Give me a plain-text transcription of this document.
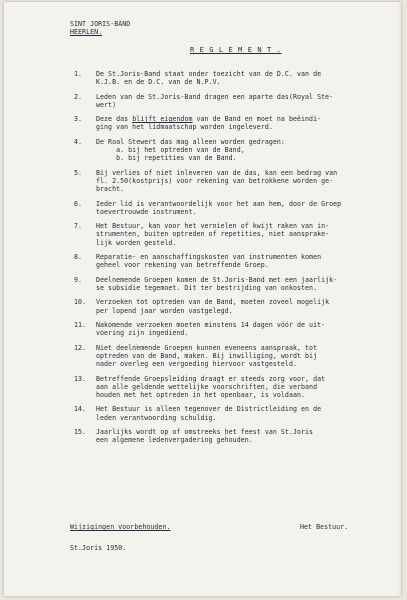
SINT JORIS-BAND
HEERLEN.
R E G L E M E N T .
1.	De St.Joris-Band staat onder toezicht van de D.C. van de
K.J.B. en de D.C. van de N.P.V.
2.	Leden van de St.Joris-Band dragen een aparte das(Royal Ste-
wert)
3.	Deze das blijft eigendom van de Band en moet na beëindi-
ging van het lidmaatschap worden ingeleverd.
4.	De Roal Stewert das mag alleen worden gedragen:
a. bij het optreden van de Band,
b. bij repetities van de Band.
5.	Bij verlies of niet inleveren van de das, kan een bedrag van
fl. 2.50(kostprijs) voor rekening van betrokkene worden ge-
bracht.
6.	Ieder lid is verantwoordelijk voor het aan hem, door de Groep
toevertrouwde instrument.
7.	Het Bestuur, kan voor het vernielen of kwijt raken van in-
strumenten, buiten optreden of repetities, niet aansprake-
lijk worden gesteld.
8.	Reparatie- en aanschaffingskosten van instrumenten komen
geheel voor rekening van betreffende Groep.
9.	Deelnemende Groepen komen de St.Joris-Band met een jaarlijk-
se subsidie tegemoet. Dit ter bestrijding van onkosten.
10.	Verzoeken tot optreden van de Band, moeten zoveel mogelijk
per lopend jaar worden vastgelegd.
11.	Nakomende verzoeken moeten minstens 14 dagen vóór de uit-
voering zijn ingediend.
12.	Niet deelnemende Groepen kunnen eveneens aanspraak, tot
optreden van de Band, maken. Bij inwilliging, wordt bij
nader overleg een vergoeding hiervoor vastgesteld.
13.	Betreffende Groepsleiding draagt er steeds zorg voor, dat
aan alle geldende wettelijke voorschriften, die verband
houden met het optreden in het openbaar, is voldaan.
14.	Het Bestuur is alleen tegenover de Districtleiding en de
leden verantwoording schuldig.
15.	Jaarlijks wordt op of omstreeks het feest van St.Joris
een algemene ledenvergadering gehouden.
Wijzigingen voorbehouden.	Het Bestuur.
St.Joris 1950.
